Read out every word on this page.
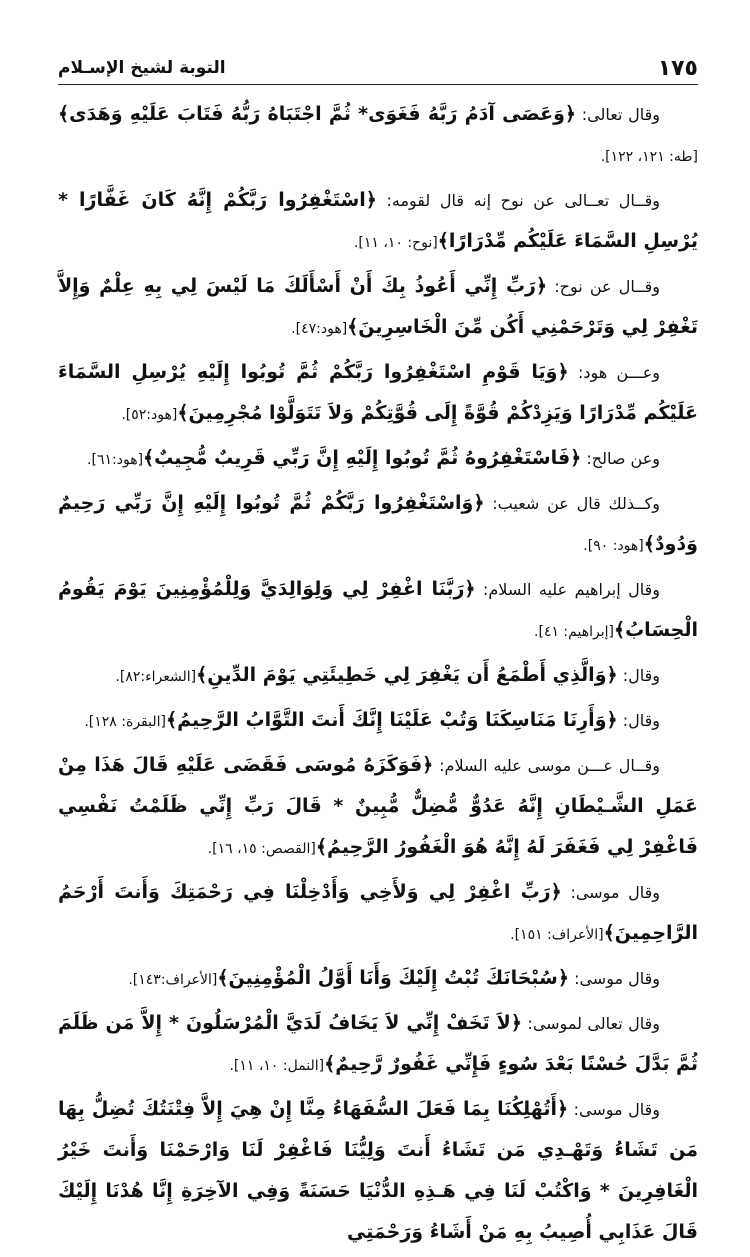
١٧٥
التوبة لشيخ الإسـلام

وقال تعالى: ﴿وَعَصَى آدَمُ رَبَّهُ فَغَوَى* ثُمَّ اجْتَبَاهُ رَبُّهُ فَتَابَ عَلَيْهِ وَهَدَى﴾[طه: ١٢١، ١٢٢].

وقــال تعــالى عن نوح إنه قال لقومه: ﴿اسْتَغْفِرُوا رَبَّكُمْ إِنَّهُ كَانَ غَفَّارًا * يُرْسِلِ السَّمَاءَ عَلَيْكُم مِّدْرَارًا﴾[نوح: ١٠، ١١].

وقــال عن نوح: ﴿رَبِّ إِنِّي أَعُوذُ بِكَ أَنْ أَسْأَلَكَ مَا لَيْسَ لِي بِهِ عِلْمٌ وَإِلاَّ تَغْفِرْ لِي وَتَرْحَمْنِي أَكُن مِّنَ الْخَاسِرِينَ﴾[هود:٤٧].

وعـــن هود: ﴿وَيَا قَوْمِ اسْتَغْفِرُوا رَبَّكُمْ ثُمَّ تُوبُوا إِلَيْهِ يُرْسِلِ السَّمَاءَ عَلَيْكُم مِّدْرَارًا وَيَزِدْكُمْ قُوَّةً إِلَى قُوَّتِكُمْ وَلاَ تَتَوَلَّوْا مُجْرِمِينَ﴾[هود:٥٢].

وعن صالح: ﴿فَاسْتَغْفِرُوهُ ثُمَّ تُوبُوا إِلَيْهِ إِنَّ رَبِّي قَرِيبٌ مُّجِيبٌ﴾[هود:٦١].

وكــذلك قال عن شعيب: ﴿وَاسْتَغْفِرُوا رَبَّكُمْ ثُمَّ تُوبُوا إِلَيْهِ إِنَّ رَبِّي رَحِيمٌ وَدُودٌ﴾[هود: ٩٠].

وقال إبراهيم عليه السلام: ﴿رَبَّنَا اغْفِرْ لِي وَلِوَالِدَيَّ وَلِلْمُؤْمِنِينَ يَوْمَ يَقُومُ الْحِسَابُ﴾[إبراهيم: ٤١].

وقال: ﴿وَالَّذِي أَطْمَعُ أَن يَغْفِرَ لِي خَطِيئَتِي يَوْمَ الدِّينِ﴾[الشعراء:٨٢].

وقال: ﴿وَأَرِنَا مَنَاسِكَنَا وَتُبْ عَلَيْنَا إِنَّكَ أَنتَ التَّوَّابُ الرَّحِيمُ﴾[البقرة: ١٢٨].

وقــال عـــن موسى عليه السلام: ﴿فَوَكَزَهُ مُوسَى فَقَضَى عَلَيْهِ قَالَ هَذَا مِنْ عَمَلِ الشَّـيْطَانِ إِنَّهُ عَدُوٌّ مُّضِلٌّ مُّبِينٌ * قَالَ رَبِّ إِنِّي ظَلَمْتُ نَفْسِي فَاغْفِرْ لِي فَغَفَرَ لَهُ إِنَّهُ هُوَ الْغَفُورُ الرَّحِيمُ﴾[القصص: ١٥، ١٦].

وقال موسى: ﴿رَبِّ اغْفِرْ لِي وَلأَخِي وَأَدْخِلْنَا فِي رَحْمَتِكَ وَأَنتَ أَرْحَمُ الرَّاحِمِينَ﴾[الأعراف: ١٥١].

وقال موسى: ﴿سُبْحَانَكَ تُبْتُ إِلَيْكَ وَأَنَا أَوَّلُ الْمُؤْمِنِينَ﴾[الأعراف:١٤٣].

وقال تعالى لموسى: ﴿لاَ تَخَفْ إِنِّي لاَ يَخَافُ لَدَيَّ الْمُرْسَلُونَ * إِلاَّ مَن ظَلَمَ ثُمَّ بَدَّلَ حُسْنًا بَعْدَ سُوءٍ فَإِنِّي غَفُورٌ رَّحِيمٌ﴾[النمل: ١٠، ١١].

وقال موسى: ﴿أَتُهْلِكُنَا بِمَا فَعَلَ السُّفَهَاءُ مِنَّا إِنْ هِيَ إِلاَّ فِتْنَتُكَ تُضِلُّ بِهَا مَن تَشَاءُ وَتَهْـدِي مَن تَشَاءُ أَنتَ وَلِيُّنَا فَاغْفِرْ لَنَا وَارْحَمْنَا وَأَنتَ خَيْرُ الْغَافِرِينَ * وَاكْتُبْ لَنَا فِي هَـذِهِ الدُّنْيَا حَسَنَةً وَفِي الآخِرَةِ إِنَّا هُدْنَا إِلَيْكَ قَالَ عَذَابِي أُصِيبُ بِهِ مَنْ أَشَاءُ وَرَحْمَتِي
